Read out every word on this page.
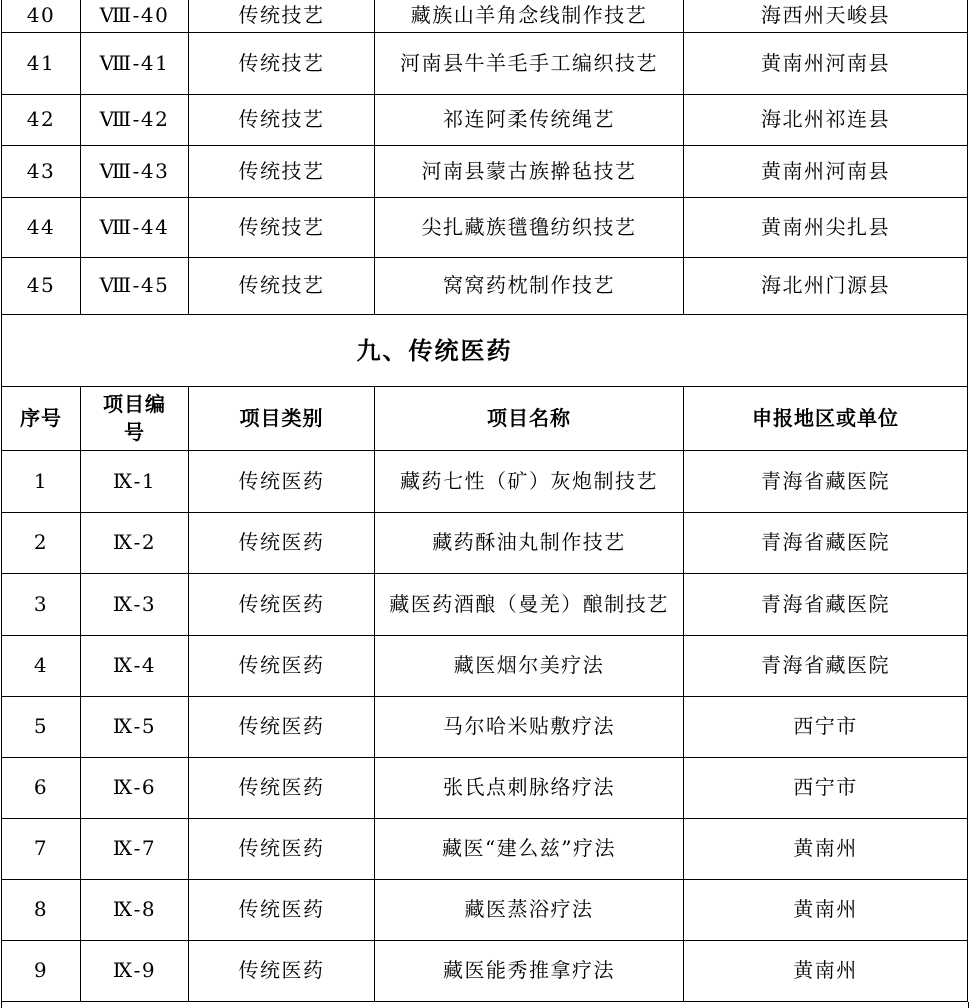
40	Ⅷ-40	传统技艺	藏族山羊角念线制作技艺	海西州天峻县
41	Ⅷ-41	传统技艺	河南县牛羊毛手工编织技艺	黄南州河南县
42	Ⅷ-42	传统技艺	祁连阿柔传统绳艺	海北州祁连县
43	Ⅷ-43	传统技艺	河南县蒙古族擀毡技艺	黄南州河南县
44	Ⅷ-44	传统技艺	尖扎藏族氆氇纺织技艺	黄南州尖扎县
45	Ⅷ-45	传统技艺	窝窝药枕制作技艺	海北州门源县
九、传统医药				
序号	项目编号	项目类别	项目名称	申报地区或单位
1	Ⅸ-1	传统医药	藏药七性（矿）灰炮制技艺	青海省藏医院
2	Ⅸ-2	传统医药	藏药酥油丸制作技艺	青海省藏医院
3	Ⅸ-3	传统医药	藏医药酒酿（曼羌）酿制技艺	青海省藏医院
4	Ⅸ-4	传统医药	藏医烟尔美疗法	青海省藏医院
5	Ⅸ-5	传统医药	马尔哈米贴敷疗法	西宁市
6	Ⅸ-6	传统医药	张氏点刺脉络疗法	西宁市
7	Ⅸ-7	传统医药	藏医“建么兹”疗法	黄南州
8	Ⅸ-8	传统医药	藏医蒸浴疗法	黄南州
9	Ⅸ-9	传统医药	藏医能秀推拿疗法	黄南州
